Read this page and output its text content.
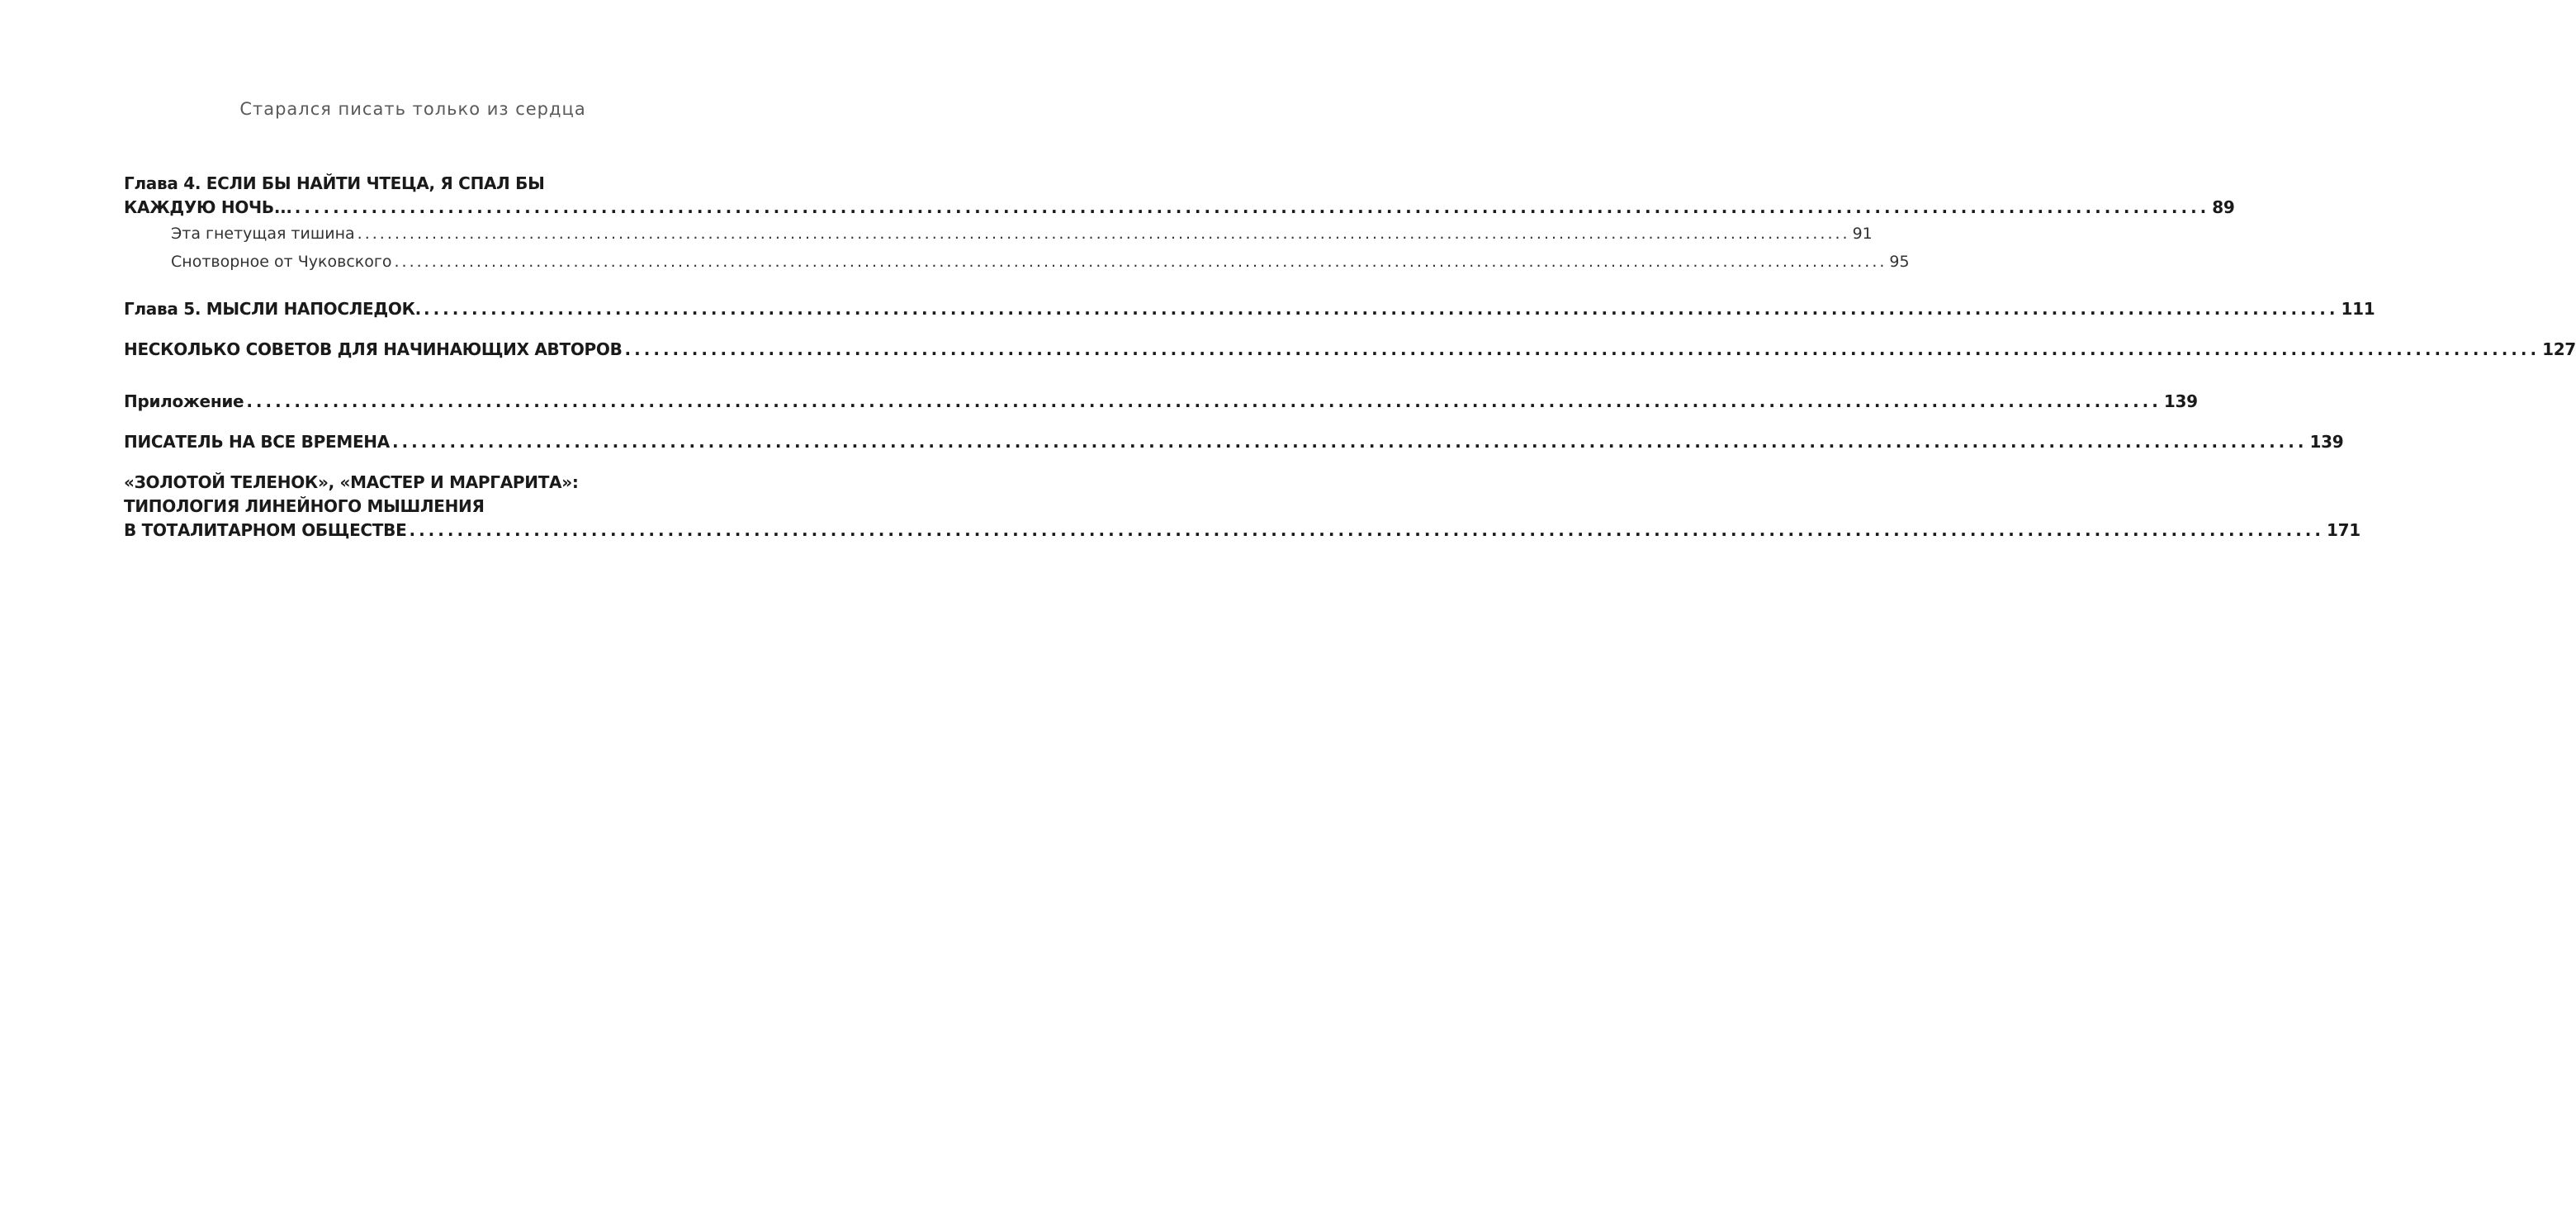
Старался писать только из сердца
Глава 4. ЕСЛИ БЫ НАЙТИ ЧТЕЦА, Я СПАЛ БЫ
КАЖДУЮ НОЧЬ... ........................................................................................................................................................................................................ 89
Эта гнетущая тишина ........................................................................................................................................................................................................ 91
Снотворное от Чуковского ........................................................................................................................................................................................................ 95
Глава 5. МЫСЛИ НАПОСЛЕДОК. ........................................................................................................................................................................................................ 111
НЕСКОЛЬКО СОВЕТОВ ДЛЯ НАЧИНАЮЩИХ АВТОРОВ ........................................................................................................................................................................................................ 127
Приложение ........................................................................................................................................................................................................ 139
ПИСАТЕЛЬ НА ВСЕ ВРЕМЕНА ........................................................................................................................................................................................................ 139
«ЗОЛОТОЙ ТЕЛЕНОК», «МАСТЕР И МАРГАРИТА»:
ТИПОЛОГИЯ ЛИНЕЙНОГО МЫШЛЕНИЯ
В ТОТАЛИТАРНОМ ОБЩЕСТВЕ ........................................................................................................................................................................................................ 171
